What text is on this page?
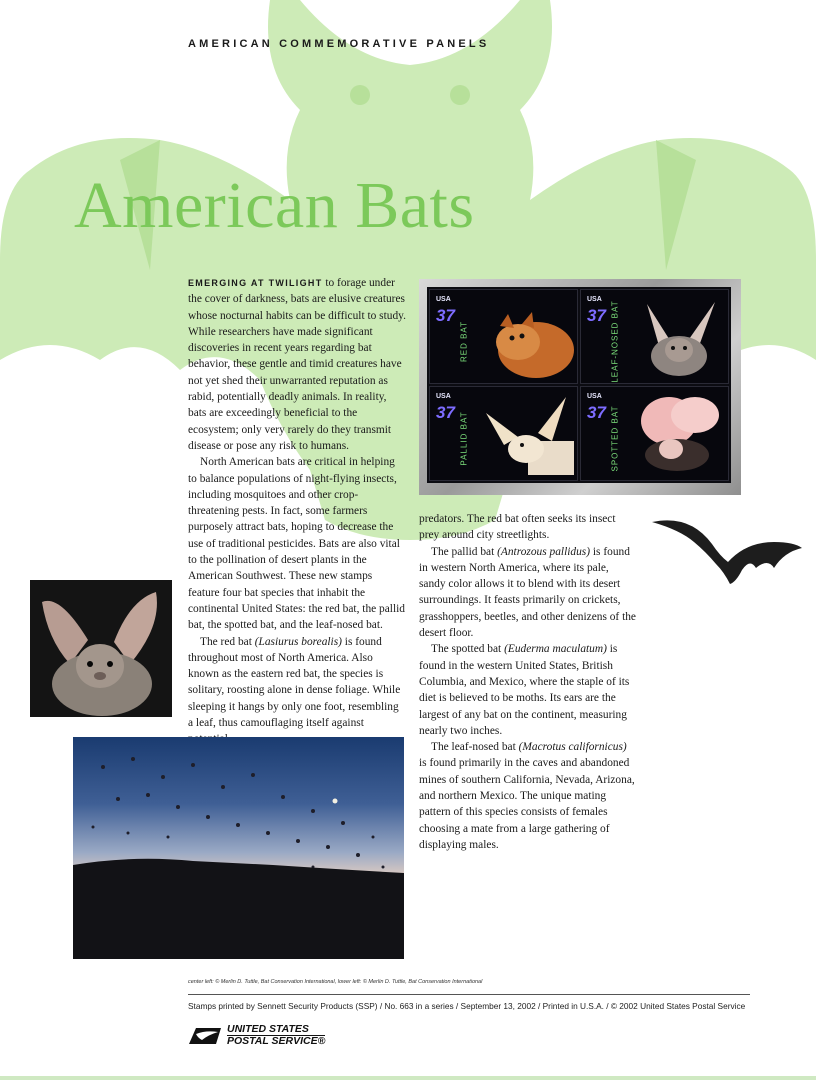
AMERICAN COMMEMORATIVE PANELS
American Bats

EMERGING AT TWILIGHT to forage under the cover of darkness, bats are elusive creatures whose nocturnal habits can be difficult to study. While researchers have made significant discoveries in recent years regarding bat behavior, these gentle and timid creatures have not yet shed their unwarranted reputation as rabid, potentially deadly animals. In reality, bats are exceedingly beneficial to the ecosystem; only very rarely do they transmit disease or pose any risk to humans.

North American bats are critical in helping to balance populations of night-flying insects, including mosquitoes and other crop-threatening pests. In fact, some farmers purposely attract bats, hoping to decrease the use of traditional pesticides. Bats are also vital to the pollination of desert plants in the American Southwest. These new stamps feature four bat species that inhabit the continental United States: the red bat, the pallid bat, the spotted bat, and the leaf-nosed bat.

The red bat (Lasiurus borealis) is found throughout most of North America. Also known as the eastern red bat, the species is solitary, roosting alone in dense foliage. While sleeping it hangs by only one foot, resembling a leaf, thus camouflaging itself against

predators. The red bat often seeks its insect prey around city streetlights.

The pallid bat (Antrozous pallidus) is found in western North America, where its pale, sandy color allows it to blend with its desert surroundings. It feasts primarily on crickets, grasshoppers, beetles, and other denizens of the desert floor.

The spotted bat (Euderma maculatum) is found in the western United States, British Columbia, and Mexico, where the staple of its diet is believed to be moths. Its ears are the largest of any bat on the continent, measuring nearly two inches.

The leaf-nosed bat (Macrotus californicus) is found primarily in the caves and abandoned mines of southern California, Nevada, Arizona, and northern Mexico. The unique mating pattern of this species consists of females choosing a mate from a large gathering of displaying males.

USA
37
RED BAT
USA
37 LEAF-NOSED BAT
USA
37 PALLID BAT
USA
37 SPOTTED BAT
center left: © Merlin D. Tuttle, Bat Conservation International, lower left: © Merlin D. Tuttle, Bat Conservation International
Stamps printed by Sennett Security Products (SSP) / No. 663 in a series / September 13, 2002 / Printed in U.S.A. / © 2002 United States Postal Service
UNITED STATES
POSTAL SERVICE®
